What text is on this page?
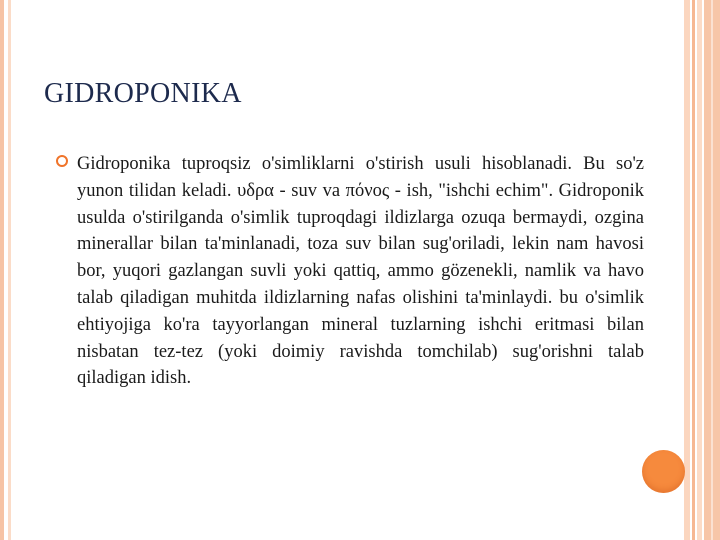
GIDROPONIKA
Gidroponika tuproqsiz o'simliklarni o'stirish usuli hisoblanadi. Bu so'z yunon tilidan keladi. υδρα - suv va πόνος - ish, "ishchi echim". Gidroponik usulda o'stirilganda o'simlik tuproqdagi ildizlarga ozuqa bermaydi, ozgina minerallar bilan ta'minlanadi, toza suv bilan sug'oriladi, lekin nam havosi bor, yuqori gazlangan suvli yoki qattiq, ammo gözenekli, namlik va havo talab qiladigan muhitda ildizlarning nafas olishini ta'minlaydi. bu o'simlik ehtiyojiga ko'ra tayyorlangan mineral tuzlarning ishchi eritmasi bilan nisbatan tez-tez (yoki doimiy ravishda tomchilab) sug'orishni talab qiladigan idish.
